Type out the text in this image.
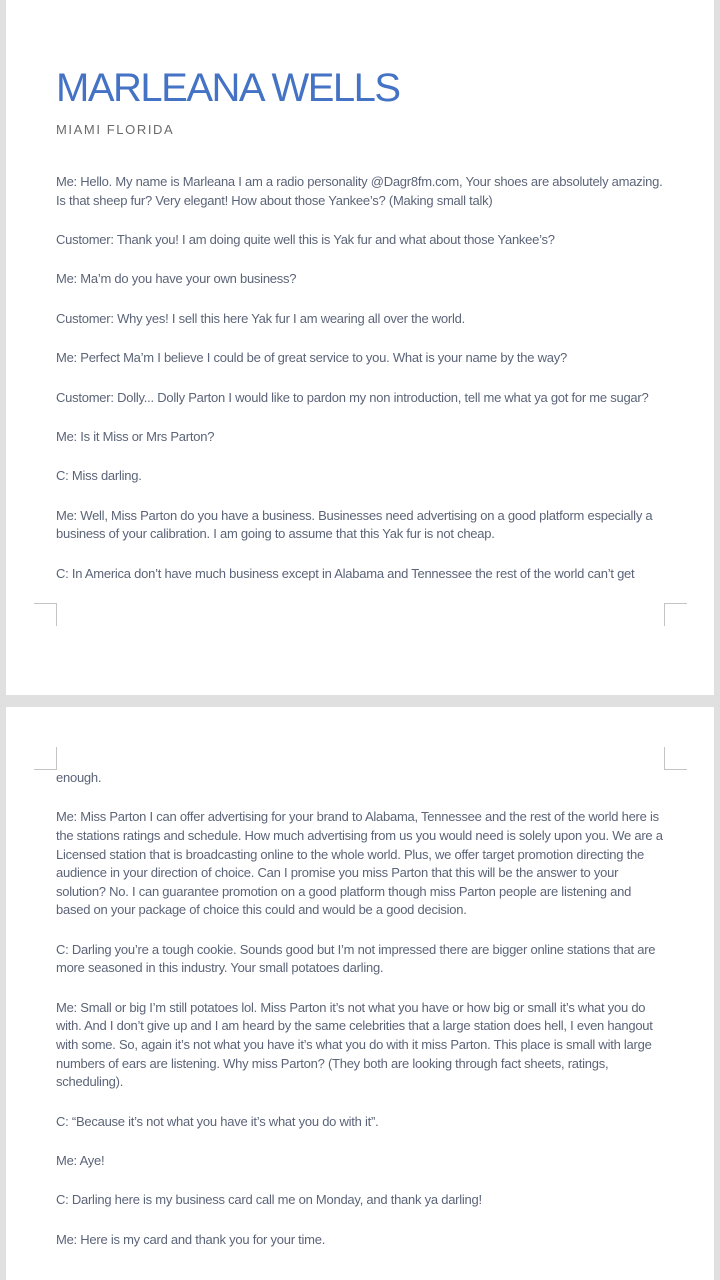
MARLEANA WELLS
MIAMI FLORIDA

Me: Hello. My name is Marleana I am a radio personality @Dagr8fm.com, Your shoes are absolutely amazing. Is that sheep fur? Very elegant! How about those Yankee’s? (Making small talk)

Customer: Thank you! I am doing quite well this is Yak fur and what about those Yankee’s?

Me: Ma’m do you have your own business?

Customer: Why yes! I sell this here Yak fur I am wearing all over the world.

Me: Perfect Ma’m I believe I could be of great service to you. What is your name by the way?

Customer: Dolly... Dolly Parton I would like to pardon my non introduction, tell me what ya got for me sugar?

Me: Is it Miss or Mrs Parton?

C: Miss darling.

Me: Well, Miss Parton do you have a business. Businesses need advertising on a good platform especially a business of your calibration. I am going to assume that this Yak fur is not cheap.

C: In America don’t have much business except in Alabama and Tennessee the rest of the world can’t get

enough.

Me: Miss Parton I can offer advertising for your brand to Alabama, Tennessee and the rest of the world here is the stations ratings and schedule. How much advertising from us you would need is solely upon you. We are a Licensed station that is broadcasting online to the whole world. Plus, we offer target promotion directing the audience in your direction of choice. Can I promise you miss Parton that this will be the answer to your solution? No. I can guarantee promotion on a good platform though miss Parton people are listening and based on your package of choice this could and would be a good decision.

C: Darling you’re a tough cookie. Sounds good but I’m not impressed there are bigger online stations that are more seasoned in this industry. Your small potatoes darling.

Me: Small or big I’m still potatoes lol. Miss Parton it’s not what you have or how big or small it’s what you do with. And I don’t give up and I am heard by the same celebrities that a large station does hell, I even hangout with some. So, again it’s not what you have it’s what you do with it miss Parton. This place is small with large numbers of ears are listening. Why miss Parton? (They both are looking through fact sheets, ratings, scheduling).

C: “Because it’s not what you have it’s what you do with it”.

Me: Aye!

C: Darling here is my business card call me on Monday, and thank ya darling!

Me: Here is my card and thank you for your time.
